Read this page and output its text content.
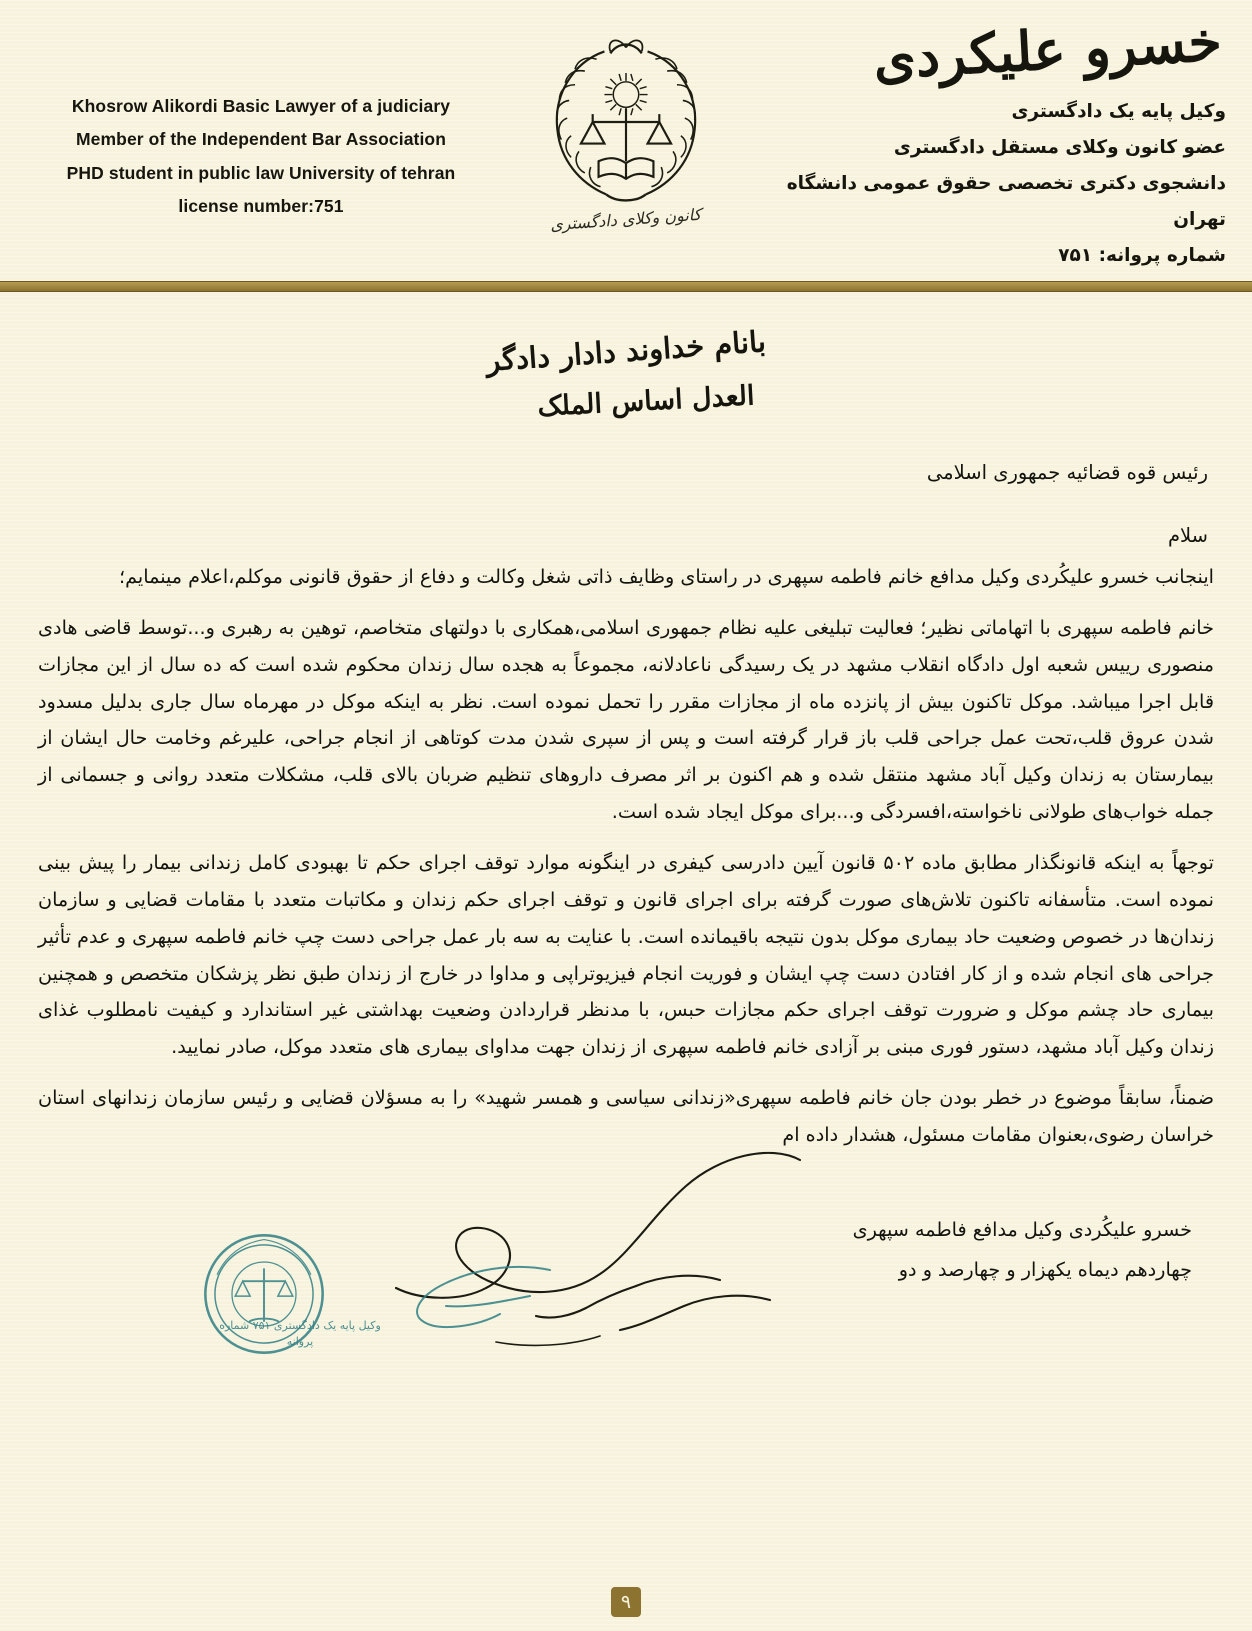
Khosrow Alikordi Basic Lawyer of a judiciary
Member of the Independent Bar Association
PHD student in public law University of tehran
license number:751	کانون وکلای دادگستری
خسرو علیکردی
وکیل پایه یک دادگستری
عضو کانون وکلای مستقل دادگستری
دانشجوی دکتری تخصصی حقوق عمومی دانشگاه تهران
شماره پروانه: ۷۵۱
بانام خداوند دادار دادگر
العدل اساس الملک
رئیس قوه قضائیه جمهوری اسلامی
سلام

اینجانب خسرو علیکُردی وکیل مدافع خانم فاطمه سپهری در راستای وظایف ذاتی شغل وکالت و دفاع از حقوق قانونی موکلم،اعلام مینمایم؛

خانم فاطمه سپهری با اتهاماتی نظیر؛ فعالیت تبلیغی علیه نظام جمهوری اسلامی،همکاری با دولتهای متخاصم، توهین به رهبری و...توسط قاضی هادی منصوری رییس شعبه اول دادگاه انقلاب مشهد در یک رسیدگی ناعادلانه، مجموعاً به هجده سال زندان محکوم شده است که ده سال از این مجازات قابل اجرا میباشد. موکل تاکنون بیش از پانزده ماه از مجازات مقرر را تحمل نموده است. نظر به اینکه موکل در مهرماه سال جاری بدلیل مسدود شدن عروق قلب،تحت عمل جراحی قلب باز قرار گرفته است و پس از سپری شدن مدت کوتاهی از انجام جراحی، علیرغم وخامت حال ایشان از بیمارستان به زندان وکیل آباد مشهد منتقل شده و هم اکنون بر اثر مصرف داروهای تنظیم ضربان بالای قلب، مشکلات متعدد روانی و جسمانی از جمله خواب‌های طولانی ناخواسته،افسردگی و...برای موکل ایجاد شده است.

توجهاً به اینکه قانونگذار مطابق ماده ۵۰۲ قانون آیین دادرسی کیفری در اینگونه موارد توقف اجرای حکم تا بهبودی کامل زندانی بیمار را پیش بینی نموده است. متأسفانه تاکنون تلاش‌های صورت گرفته برای اجرای قانون و توقف اجرای حکم زندان و مکاتبات متعدد با مقامات قضایی و سازمان زندان‌ها در خصوص وضعیت حاد بیماری موکل بدون نتیجه باقیمانده است. با عنایت به سه بار عمل جراحی دست چپ خانم فاطمه سپهری و عدم تأثیر جراحی های انجام شده و از کار افتادن دست چپ ایشان و فوریت انجام فیزیوتراپی و مداوا در خارج از زندان طبق نظر پزشکان متخصص و همچنین بیماری حاد چشم موکل و ضرورت توقف اجرای حکم مجازات حبس، با مدنظر قراردادن وضعیت بهداشتی غیر استاندارد و کیفیت نامطلوب غذای زندان وکیل آباد مشهد، دستور فوری مبنی بر آزادی خانم فاطمه سپهری از زندان جهت مداوای بیماری های متعدد موکل، صادر نمایید.

ضمناً، سابقاً موضوع در خطر بودن جان خانم فاطمه سپهری«زندانی سیاسی و همسر شهید» را به مسؤلان قضایی و رئیس سازمان زندانهای استان خراسان رضوی،بعنوان مقامات مسئول، هشدار داده ام

خسرو علیکُردی وکیل مدافع فاطمه سپهری
چهاردهم دیماه یکهزار و چهارصد و دو
وکیل پایه یک دادگستری ۷۵۱ شماره پروانه
۹
